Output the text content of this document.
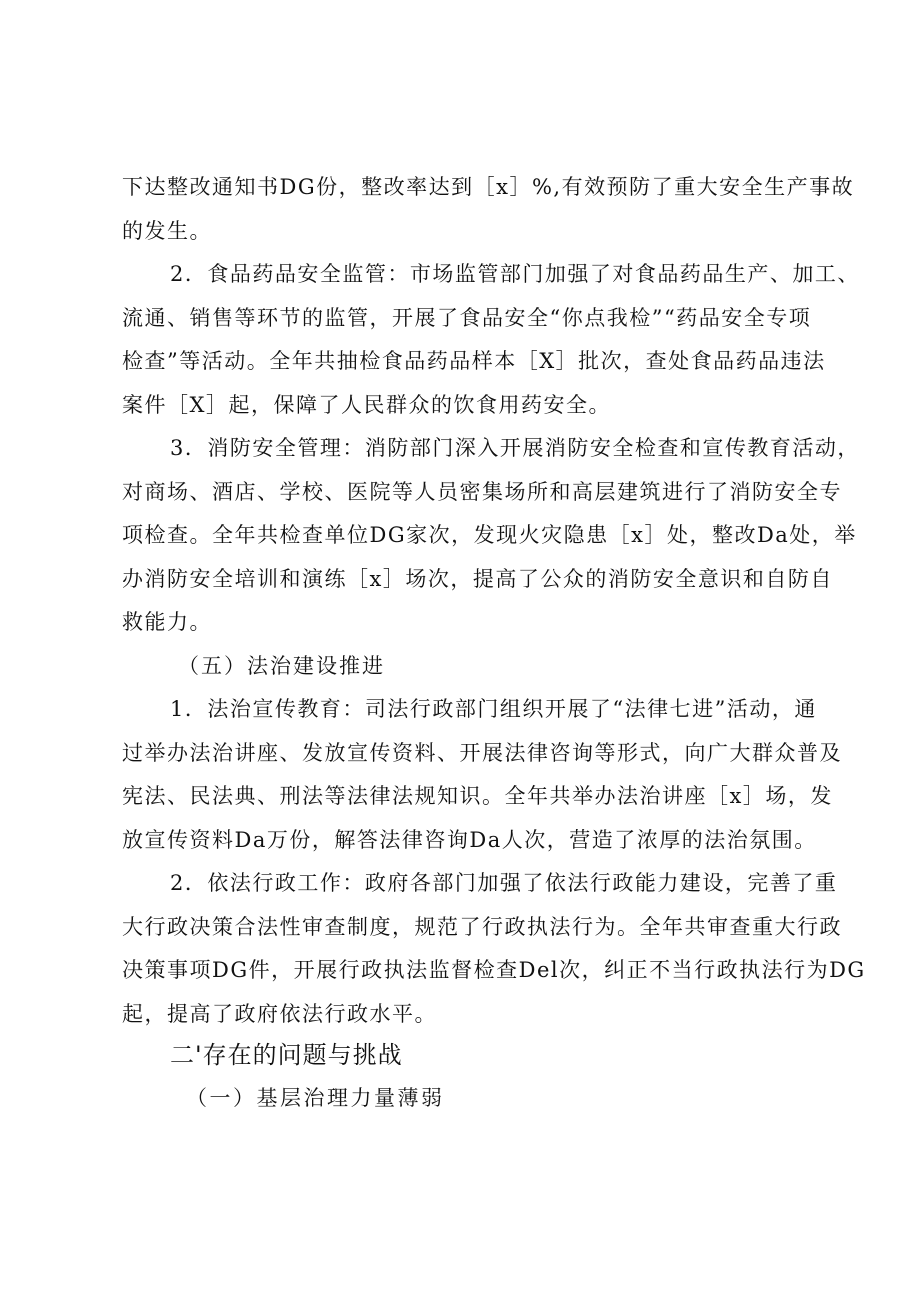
下达整改通知书DG份，整改率达到［x］%,有效预防了重大安全生产事故
的发生。
2．食品药品安全监管：市场监管部门加强了对食品药品生产、加工、
流通、销售等环节的监管，开展了食品安全“你点我检”“药品安全专项
检查”等活动。全年共抽检食品药品样本［X］批次，查处食品药品违法
案件［X］起，保障了人民群众的饮食用药安全。
3．消防安全管理：消防部门深入开展消防安全检查和宣传教育活动，
对商场、酒店、学校、医院等人员密集场所和高层建筑进行了消防安全专
项检查。全年共检查单位DG家次，发现火灾隐患［x］处，整改Da处，举
办消防安全培训和演练［x］场次，提高了公众的消防安全意识和自防自
救能力。
（五）法治建设推进
1．法治宣传教育：司法行政部门组织开展了“法律七进”活动，通
过举办法治讲座、发放宣传资料、开展法律咨询等形式，向广大群众普及
宪法、民法典、刑法等法律法规知识。全年共举办法治讲座［x］场，发
放宣传资料Da万份，解答法律咨询Da人次，营造了浓厚的法治氛围。
2．依法行政工作：政府各部门加强了依法行政能力建设，完善了重
大行政决策合法性审查制度，规范了行政执法行为。全年共审查重大行政
决策事项DG件，开展行政执法监督检查Del次，纠正不当行政执法行为DG
起，提高了政府依法行政水平。
二'存在的问题与挑战
（一）基层治理力量薄弱
